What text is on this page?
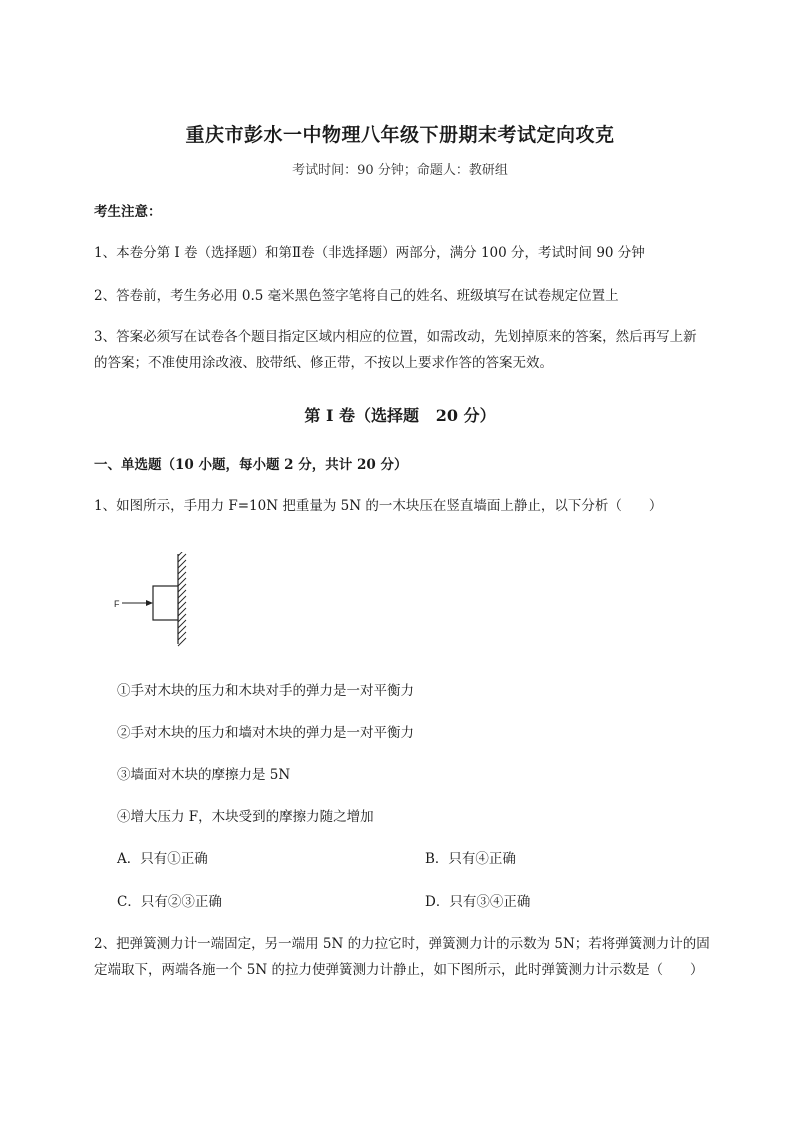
重庆市彭水一中物理八年级下册期末考试定向攻克
考试时间：90 分钟；命题人：教研组
考生注意：
1、本卷分第 I 卷（选择题）和第Ⅱ卷（非选择题）两部分，满分 100 分，考试时间 90 分钟
2、答卷前，考生务必用 0.5 毫米黑色签字笔将自己的姓名、班级填写在试卷规定位置上
3、答案必须写在试卷各个题目指定区域内相应的位置，如需改动，先划掉原来的答案，然后再写上新
的答案；不准使用涂改液、胶带纸、修正带，不按以上要求作答的答案无效。
第 I 卷（选择题   20 分）
一、单选题（10 小题，每小题 2 分，共计 20 分）
1、如图所示，手用力 F=10N 把重量为 5N 的一木块压在竖直墙面上静止，以下分析（　　）
F
①手对木块的压力和木块对手的弹力是一对平衡力
②手对木块的压力和墙对木块的弹力是一对平衡力
③墙面对木块的摩擦力是 5N
④增大压力 F，木块受到的摩擦力随之增加
A．只有①正确	B．只有④正确
C．只有②③正确	D．只有③④正确
2、把弹簧测力计一端固定，另一端用 5N 的力拉它时，弹簧测力计的示数为 5N；若将弹簧测力计的固
定端取下，两端各施一个 5N 的拉力使弹簧测力计静止，如下图所示，此时弹簧测力计示数是（　　）
